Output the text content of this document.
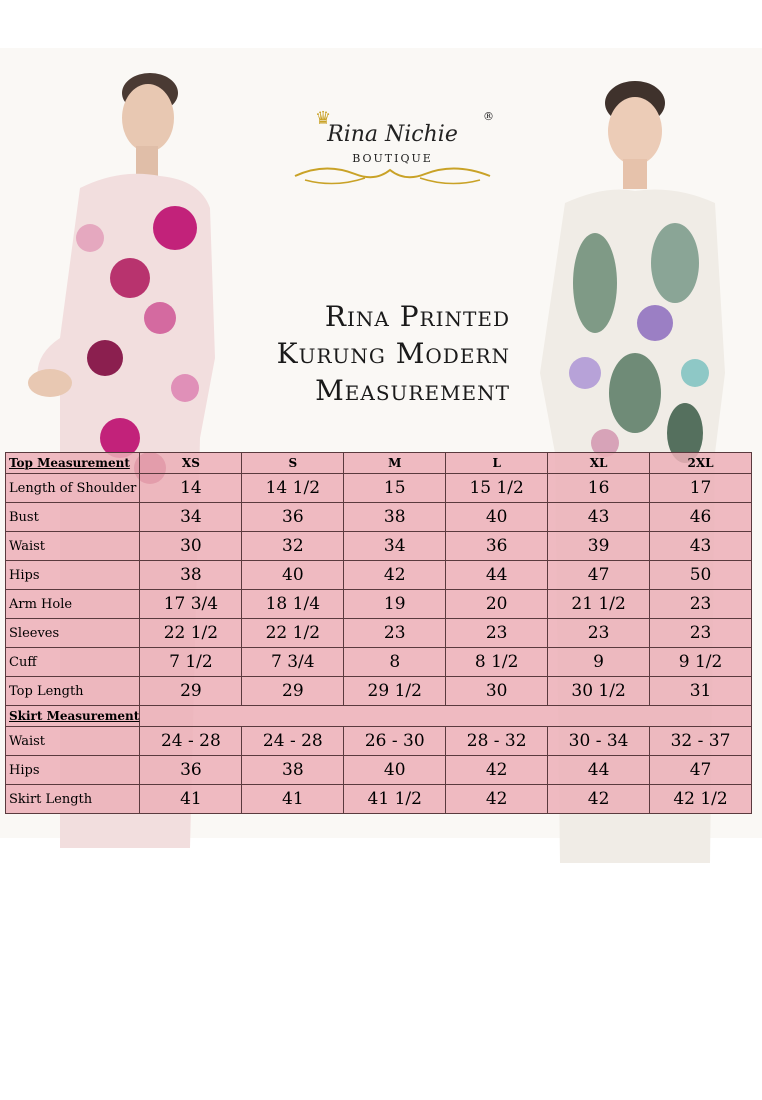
♛
Rina Nichie
®
BOUTIQUE
Rina Printed
Kurung Modern
Measurement
Top Measurement	XS	S	M	L	XL	2XL
Length of Shoulder	14	14 1/2	15	15 1/2	16	17
Bust	34	36	38	40	43	46
Waist	30	32	34	36	39	43
Hips	38	40	42	44	47	50
Arm Hole	17 3/4	18 1/4	19	20	21 1/2	23
Sleeves	22 1/2	22 1/2	23	23	23	23
Cuff	7 1/2	7 3/4	8	8 1/2	9	9 1/2
Top Length	29	29	29 1/2	30	30 1/2	31
Skirt Measurement						
Waist	24 - 28	24 - 28	26 - 30	28 - 32	30 - 34	32 - 37
Hips	36	38	40	42	44	47
Skirt Length	41	41	41 1/2	42	42	42 1/2
